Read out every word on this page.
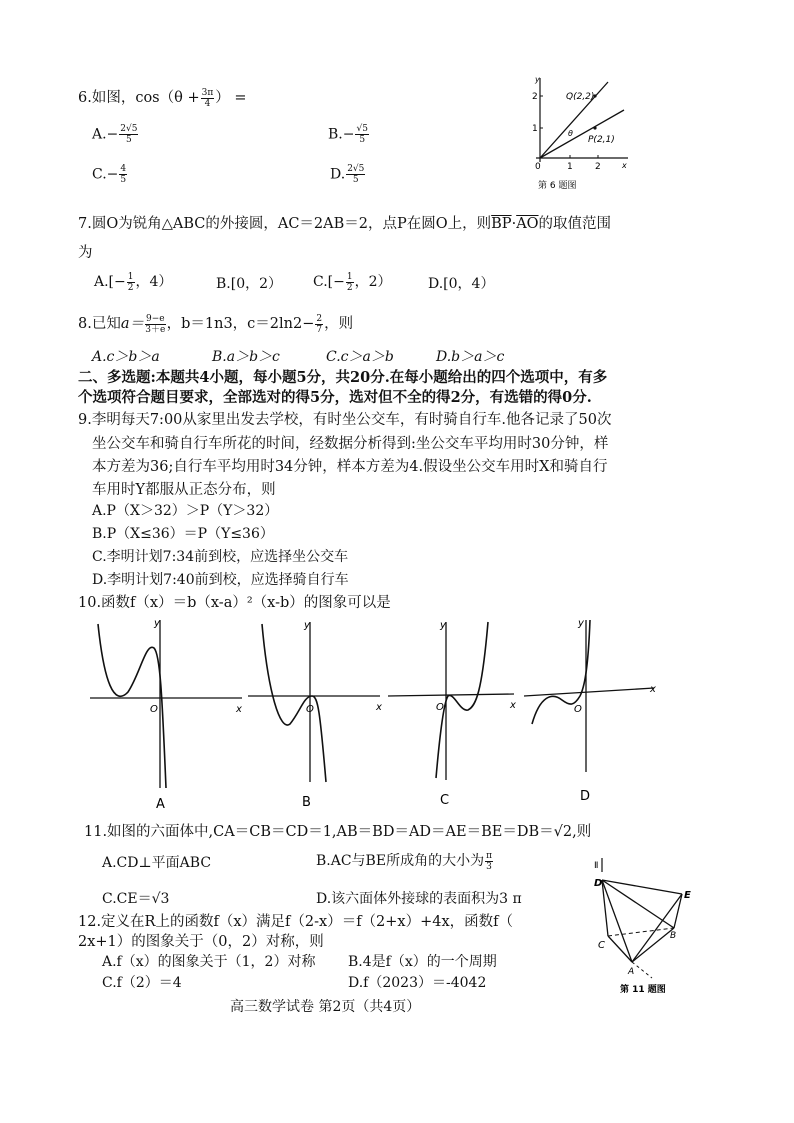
6.如图，$\cos(\theta + \frac{3\pi}{4}$ ） =
$A.- \frac{2√5}{5}$	$B.- \frac{√5}{5}$
$C.- \frac{4}{5}$	D. $\frac{2√5}{5}$
y
x
2
1
1 2
0
θ
Q(2,2)
P(2,1)
第 6 题图
7.圆O为锐角△ABC的外接圆，AC＝2AB＝2，点P在圆O上，则$\overline{BP}\cdot\overline{AO}$的取值范围
为
$A.[- \frac{1}{2}$ ，4）	B.[0，2） $C.[- \frac{1}{2}$ ，2）	D.[0，4）
8.已知$a= \frac{9-e}{3+e}$ ，b＝1n3，$c=2\ln 2- \frac{2}{7}$ ，则
A.c＞b＞a	B.a＞b＞c	C.c＞a＞b	D.b＞a＞c
二、多选题:本题共4小题，每小题5分，共20分.在每小题给出的四个选项中，有多
个选项符合题目要求，全部选对的得5分，选对但不全的得2分，有选错的得0分.
9.李明每天7:00从家里出发去学校，有时坐公交车，有时骑自行车.他各记录了50次
坐公交车和骑自行车所花的时间，经数据分析得到:坐公交车平均用时30分钟，样
本方差为36;自行车平均用时34分钟，样本方差为4.假设坐公交车用时X和骑自行
车用时Y都服从正态分布，则
A.P（X＞32）＞P（Y＞32）
B.P（X≤36）＝P（Y≤36）
C.李明计划7:34前到校，应选择坐公交车
D.李明计划7:40前到校，应选择骑自行车
10.函数f（x）＝b（x-a）²（x-b）的图象可以是
y
x
O
A
y
x
O
B
y
x
O
C
y
x
O
D
11.如图的六面体中,CA＝CB＝CD＝1,AB＝BD＝AD＝AE＝BE＝DB＝√2,则
A.CD⊥平面ABC	B.AC与BE所成角的大小为 $\frac{\pi}{3}$
C.CE＝√3	D.该六面体外接球的表面积为3 π
Ⅱ
D
E
B
C
A
第 11 题图
12.定义在R上的函数f（x）满足f（2-x）＝f（2+x）+4x，函数f（
2x+1）的图象关于（0，2）对称，则
A.f（x）的图象关于（1，2）对称 B.4是f（x）的一个周期
C.f（2）＝4	D.f（2023）＝-4042
高三数学试卷 第2页（共4页）
